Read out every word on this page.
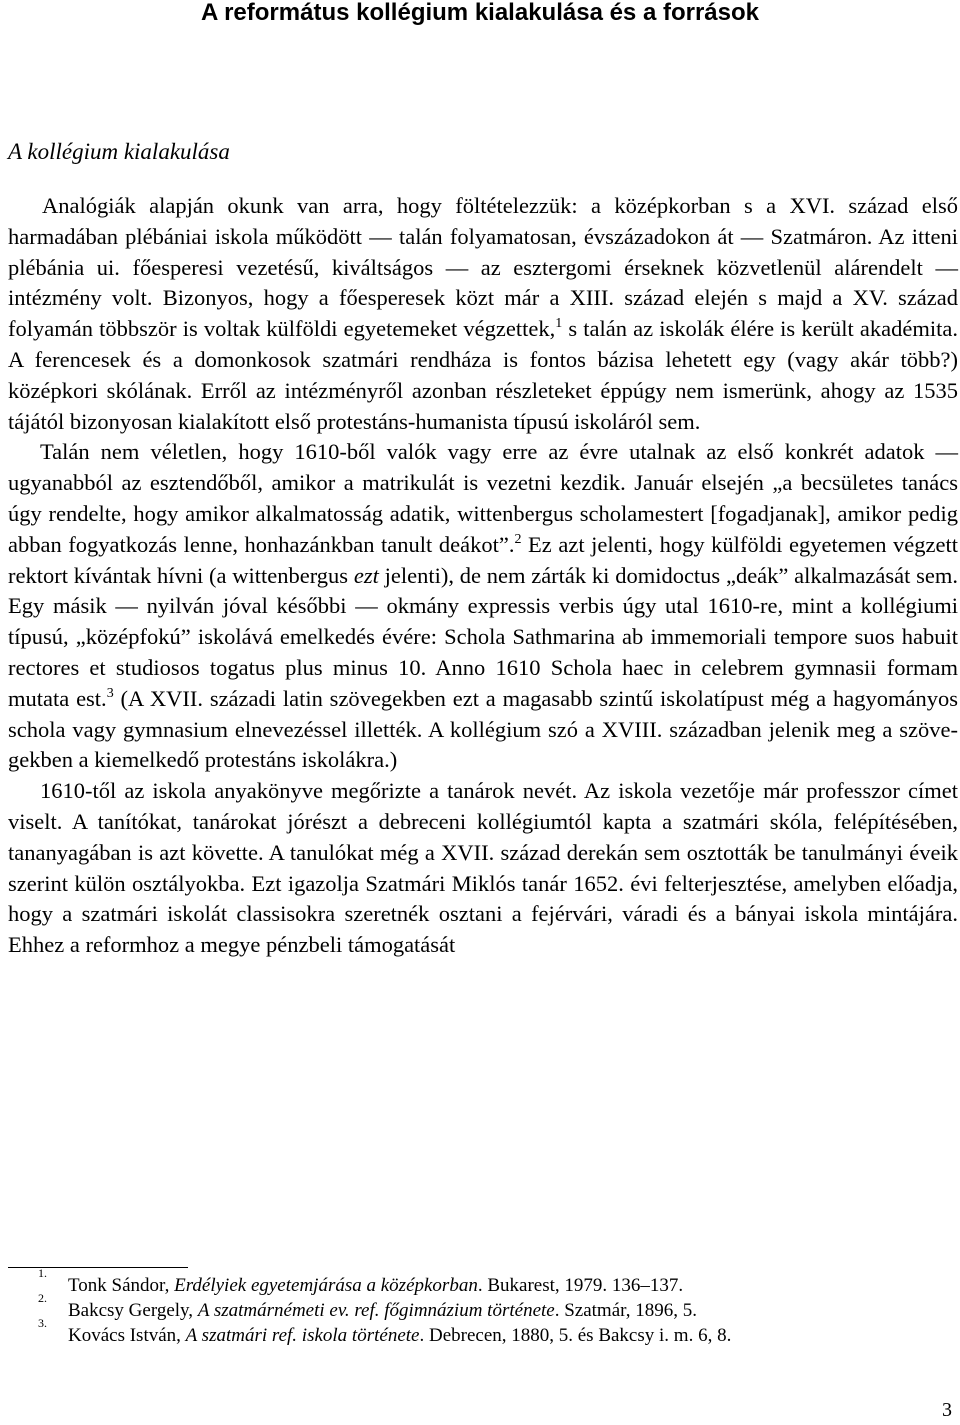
A református kollégium kialakulása és a források
A kollégium kialakulása

Analógiák alapján okunk van arra, hogy föltételezzük: a középkorban s a XVI. század első harmadában plébániai iskola működött — talán folyamatosan, évszázadokon át — Szatmáron. Az itteni plébánia ui. főesperesi vezetésű, kiváltságos — az esztergomi érseknek közvetlenül alárendelt — intézmény volt. Bizonyos, hogy a főesperesek közt már a XIII. század elején s majd a XV. század folyamán többször is voltak külföldi egyetemeket végzettek,$^1$ s talán az iskolák élére is került akadémita. A ferencesek és a domonkosok szatmári rendháza is fontos bázisa lehetett egy (vagy akár több?) középkori skólának. Erről az intézményről azonban részleteket éppúgy nem ismerünk, ahogy az 1535 tájától bizonyosan kialakított első protestáns-humanista típusú iskoláról sem.

Talán nem véletlen, hogy 1610-ből valók vagy erre az évre utalnak az első konkrét adatok — ugyanabból az esztendőből, amikor a matrikulát is vezetni kezdik. Január elsején „a becsületes tanács úgy rendelte, hogy amikor alkalmatosság adatik, wittenbergus scholamestert [fogadjanak], amikor pedig abban fogyatkozás lenne, honhazánkban tanult deákot”.$^2$ Ez azt jelenti, hogy külföldi egyetemen végzett rektort kívántak hívni (a wittenbergus ezt jelenti), de nem zárták ki domidoctus „deák” alkalmazását sem. Egy másik — nyilván jóval későbbi — okmány expressis verbis úgy utal 1610-re, mint a kollégiumi típusú, „középfokú” iskolává emelkedés évére: Schola Sathmarina ab immemoriali tempore suos habuit rectores et studiosos togatus plus minus 10. Anno 1610 Schola haec in celebrem gymnasii formam mutata est.$^3$ (A XVII. századi latin szövegekben ezt a magasabb szintű iskolatípust még a hagyományos schola vagy gymnasium elnevezéssel illették. A kollégium szó a XVIII. században jelenik meg a szövegekben a kiemelkedő protestáns iskolákra.)

1610-től az iskola anyakönyve megőrizte a tanárok nevét. Az iskola vezetője már professzor címet viselt. A tanítókat, tanárokat jórészt a debreceni kollégiumtól kapta a szatmári skóla, felépítésében, tananyagában is azt követte. A tanulókat még a XVII. század derekán sem osztották be tanulmányi éveik szerint külön osztályokba. Ezt igazolja Szatmári Miklós tanár 1652. évi felterjesztése, amelyben előadja, hogy a szatmári iskolát classisokra szeretnék osztani a fejérvári, váradi és a bányai iskola mintájára. Ehhez a reformhoz a megye pénzbeli támogatását

1.
Tonk Sándor, Erdélyiek egyetemjárása a középkorban. Bukarest, 1979. 136–137.
2.
Bakcsy Gergely, A szatmárnémeti ev. ref. főgimnázium története. Szatmár, 1896, 5.
3.
Kovács István, A szatmári ref. iskola története. Debrecen, 1880, 5. és Bakcsy i. m. 6, 8.
3
